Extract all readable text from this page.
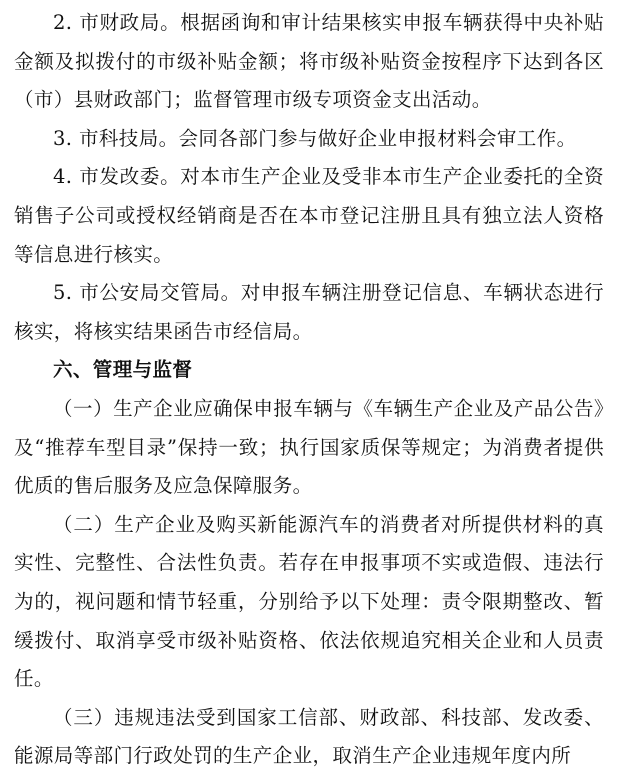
2. 市财政局。根据函询和审计结果核实申报车辆获得中央补贴金额及拟拨付的市级补贴金额；将市级补贴资金按程序下达到各区（市）县财政部门；监督管理市级专项资金支出活动。

3. 市科技局。会同各部门参与做好企业申报材料会审工作。

4. 市发改委。对本市生产企业及受非本市生产企业委托的全资销售子公司或授权经销商是否在本市登记注册且具有独立法人资格等信息进行核实。

5. 市公安局交管局。对申报车辆注册登记信息、车辆状态进行核实，将核实结果函告市经信局。

六、管理与监督

（一）生产企业应确保申报车辆与《车辆生产企业及产品公告》及“推荐车型目录”保持一致；执行国家质保等规定；为消费者提供优质的售后服务及应急保障服务。

（二）生产企业及购买新能源汽车的消费者对所提供材料的真实性、完整性、合法性负责。若存在申报事项不实或造假、违法行为的，视问题和情节轻重，分别给予以下处理：责令限期整改、暂缓拨付、取消享受市级补贴资格、依法依规追究相关企业和人员责任。

（三）违规违法受到国家工信部、财政部、科技部、发改委、能源局等部门行政处罚的生产企业，取消生产企业违规年度内所
